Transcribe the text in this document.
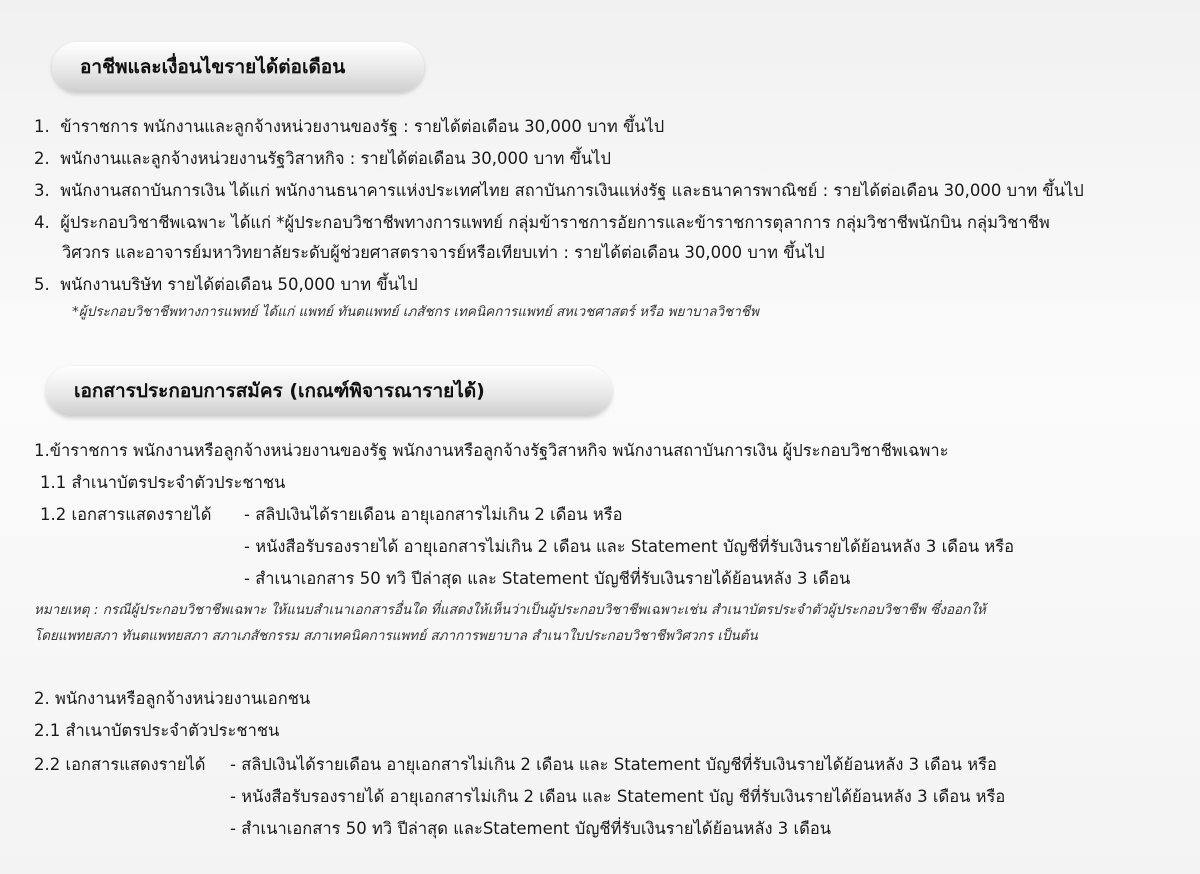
อาชีพและเงื่อนไขรายได้ต่อเดือน
1. ข้าราชการ พนักงานและลูกจ้างหน่วยงานของรัฐ : รายได้ต่อเดือน 30,000 บาท ขึ้นไป
2. พนักงานและลูกจ้างหน่วยงานรัฐวิสาหกิจ : รายได้ต่อเดือน 30,000 บาท ขึ้นไป
3. พนักงานสถาบันการเงิน ได้แก่ พนักงานธนาคารแห่งประเทศไทย สถาบันการเงินแห่งรัฐ และธนาคารพาณิชย์ : รายได้ต่อเดือน 30,000 บาท ขึ้นไป
4. ผู้ประกอบวิชาชีพเฉพาะ ได้แก่ *ผู้ประกอบวิชาชีพทางการแพทย์ กลุ่มข้าราชการอัยการและข้าราชการตุลาการ กลุ่มวิชาชีพนักบิน กลุ่มวิชาชีพ
วิศวกร และอาจารย์มหาวิทยาลัยระดับผู้ช่วยศาสตราจารย์หรือเทียบเท่า : รายได้ต่อเดือน 30,000 บาท ขึ้นไป
5. พนักงานบริษัท รายได้ต่อเดือน 50,000 บาท ขึ้นไป
*ผู้ประกอบวิชาชีพทางการแพทย์ ได้แก่ แพทย์ ทันตแพทย์ เภสัชกร เทคนิคการแพทย์ สหเวชศาสตร์ หรือ พยาบาลวิชาชีพ
เอกสารประกอบการสมัคร (เกณฑ์พิจารณารายได้)
1.ข้าราชการ พนักงานหรือลูกจ้างหน่วยงานของรัฐ พนักงานหรือลูกจ้างรัฐวิสาหกิจ พนักงานสถาบันการเงิน ผู้ประกอบวิชาชีพเฉพาะ
1.1 สำเนาบัตรประจำตัวประชาชน
1.2 เอกสารแสดงรายได้ - สลิปเงินได้รายเดือน อายุเอกสารไม่เกิน 2 เดือน หรือ
- หนังสือรับรองรายได้ อายุเอกสารไม่เกิน 2 เดือน และ Statement บัญชีที่รับเงินรายได้ย้อนหลัง 3 เดือน หรือ
- สำเนาเอกสาร 50 ทวิ ปีล่าสุด และ Statement บัญชีที่รับเงินรายได้ย้อนหลัง 3 เดือน
หมายเหตุ : กรณีผู้ประกอบวิชาชีพเฉพาะ ให้แนบสำเนาเอกสารอื่นใด ที่แสดงให้เห็นว่าเป็นผู้ประกอบวิชาชีพเฉพาะเช่น สำเนาบัตรประจำตัวผู้ประกอบวิชาชีพ ซึ่งออกให้
โดยแพทยสภา ทันตแพทยสภา สภาเภสัชกรรม สภาเทคนิคการแพทย์ สภาการพยาบาล สำเนาใบประกอบวิชาชีพวิศวกร เป็นต้น
2. พนักงานหรือลูกจ้างหน่วยงานเอกชน
2.1 สำเนาบัตรประจำตัวประชาชน
2.2 เอกสารแสดงรายได้ - สลิปเงินได้รายเดือน อายุเอกสารไม่เกิน 2 เดือน และ Statement บัญชีที่รับเงินรายได้ย้อนหลัง 3 เดือน หรือ
- หนังสือรับรองรายได้ อายุเอกสารไม่เกิน 2 เดือน และ Statement บัญ ชีที่รับเงินรายได้ย้อนหลัง 3 เดือน หรือ
- สำเนาเอกสาร 50 ทวิ ปีล่าสุด และStatement บัญชีที่รับเงินรายได้ย้อนหลัง 3 เดือน
